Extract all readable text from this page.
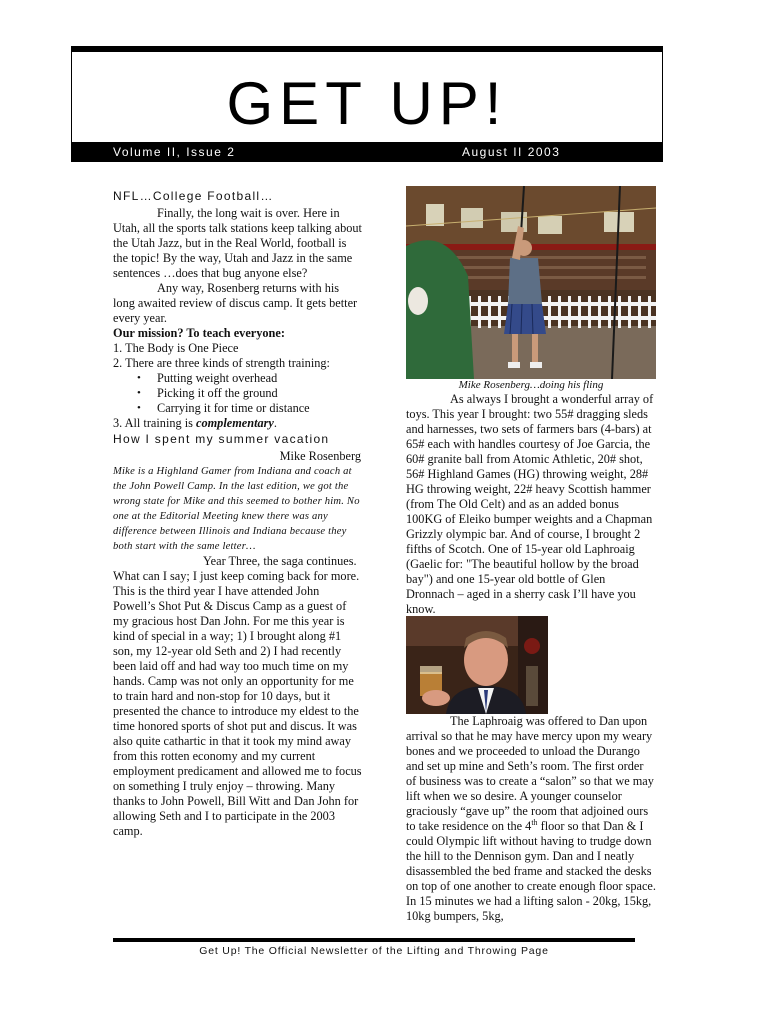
GET UP!
Volume II, Issue 2	August II 2003
NFL…College Football…

Finally, the long wait is over. Here in Utah, all the sports talk stations keep talking about the Utah Jazz, but in the Real World, football is the topic! By the way, Utah and Jazz in the same sentences …does that bug anyone else?

Any way, Rosenberg returns with his long awaited review of discus camp. It gets better every year.

Our mission? To teach everyone:

1. The Body is One Piece

2. There are three kinds of strength training:

• Putting weight overhead
• Picking it off the ground
• Carrying it for time or distance

3. All training is complementary.

How I spent my summer vacation

Mike Rosenberg

Mike is a Highland Gamer from Indiana and coach at the John Powell Camp. In the last edition, we got the wrong state for Mike and this seemed to bother him. No one at the Editorial Meeting knew there was any difference between Illinois and Indiana because they both start with the same letter…

Year Three, the saga continues. What can I say; I just keep coming back for more. This is the third year I have attended John Powell’s Shot Put & Discus Camp as a guest of my gracious host Dan John. For me this year is kind of special in a way; 1) I brought along #1 son, my 12-year old Seth and 2) I had recently been laid off and had way too much time on my hands. Camp was not only an opportunity for me to train hard and non-stop for 10 days, but it presented the chance to introduce my eldest to the time honored sports of shot put and discus. It was also quite cathartic in that it took my mind away from this rotten economy and my current employment predicament and allowed me to focus on something I truly enjoy – throwing. Many thanks to John Powell, Bill Witt and Dan John for allowing Seth and I to participate in the 2003 camp.

Mike Rosenberg…doing his fling

As always I brought a wonderful array of toys. This year I brought: two 55# dragging sleds and harnesses, two sets of farmers bars (4-bars) at 65# each with handles courtesy of Joe Garcia, the 60# granite ball from Atomic Athletic, 20# shot, 56# Highland Games (HG) throwing weight, 28# HG throwing weight, 22# heavy Scottish hammer (from The Old Celt) and as an added bonus 100KG of Eleiko bumper weights and a Chapman Grizzly olympic bar. And of course, I brought 2 fifths of Scotch. One of 15-year old Laphroaig (Gaelic for: "The beautiful hollow by the broad bay") and one 15-year old bottle of Glen Dronnach – aged in a sherry cask I’ll have you know.

The Laphroaig was offered to Dan upon arrival so that he may have mercy upon my weary bones and we proceeded to unload the Durango and set up mine and Seth’s room. The first order of business was to create a “salon” so that we may lift when we so desire. A younger counselor graciously “gave up” the room that adjoined ours to take residence on the 4th floor so that Dan & I could Olympic lift without having to trudge down the hill to the Dennison gym. Dan and I neatly disassembled the bed frame and stacked the desks on top of one another to create enough floor space. In 15 minutes we had a lifting salon - 20kg, 15kg, 10kg bumpers, 5kg,

Get Up! The Official Newsletter of the Lifting and Throwing Page
